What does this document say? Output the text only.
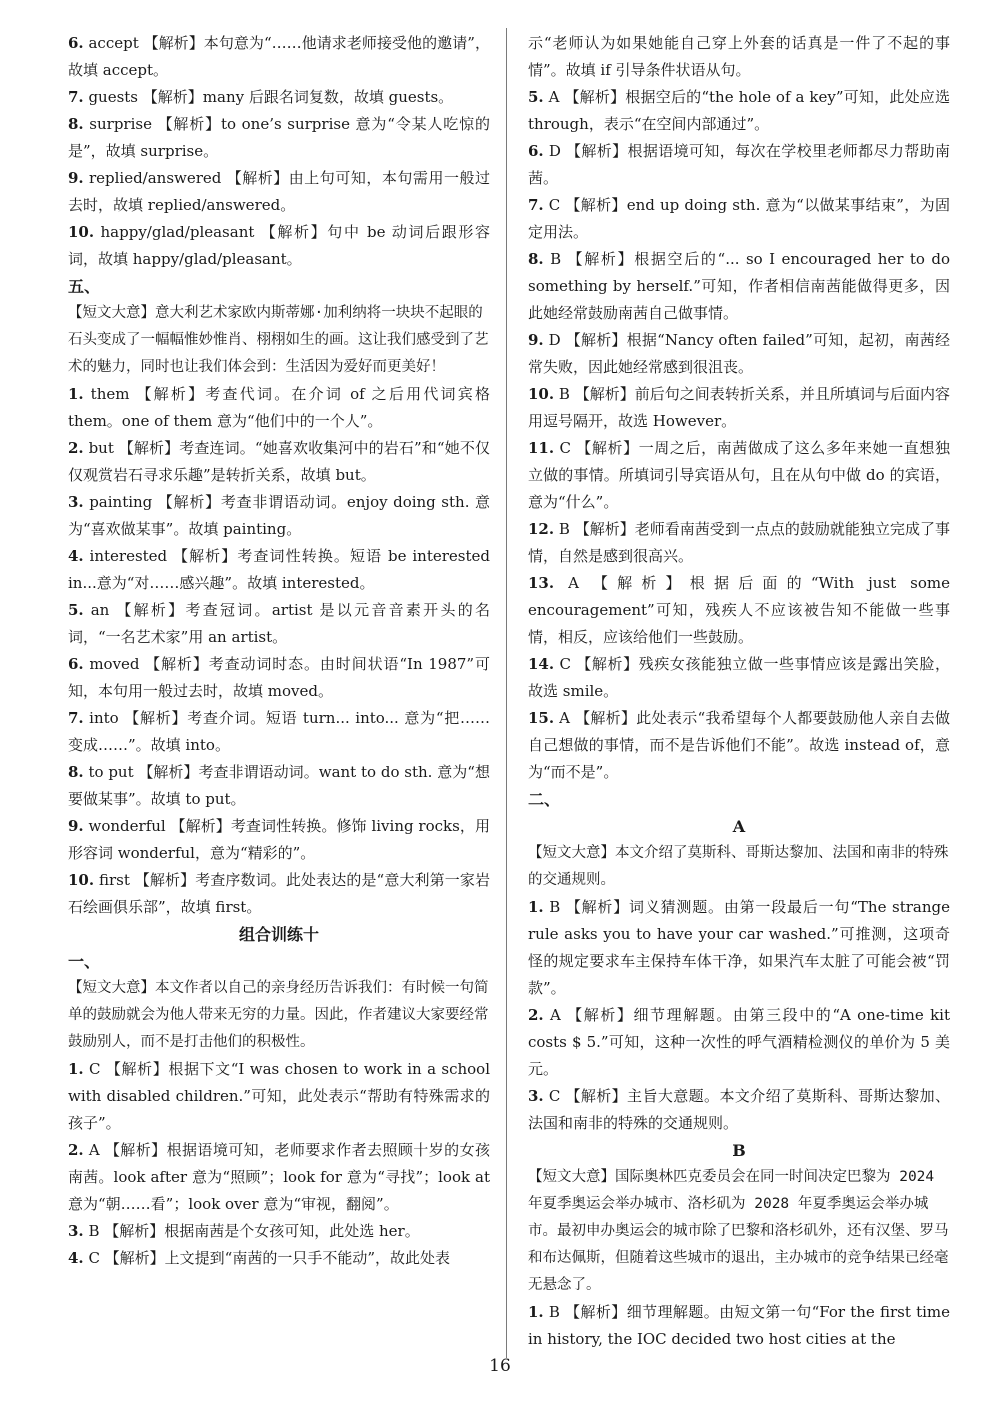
6. accept 【解析】本句意为“……他请求老师接受他的邀请”，故填 accept。

7. guests 【解析】many 后跟名词复数，故填 guests。

8. surprise 【解析】to one’s surprise 意为“令某人吃惊的是”，故填 surprise。

9. replied/answered 【解析】由上句可知，本句需用一般过去时，故填 replied/answered。

10. happy/glad/pleasant 【解析】句中 be 动词后跟形容词，故填 happy/glad/pleasant。

五、

【短文大意】意大利艺术家欧内斯蒂娜·加利纳将一块块不起眼的石头变成了一幅幅惟妙惟肖、栩栩如生的画。这让我们感受到了艺术的魅力，同时也让我们体会到：生活因为爱好而更美好！

1. them 【解析】考查代词。在介词 of 之后用代词宾格 them。one of them 意为“他们中的一个人”。

2. but 【解析】考查连词。“她喜欢收集河中的岩石”和“她不仅仅观赏岩石寻求乐趣”是转折关系，故填 but。

3. painting 【解析】考查非谓语动词。enjoy doing sth. 意为“喜欢做某事”。故填 painting。

4. interested 【解析】考查词性转换。短语 be interested in...意为“对……感兴趣”。故填 interested。

5. an 【解析】考查冠词。artist 是以元音音素开头的名词，“一名艺术家”用 an artist。

6. moved 【解析】考查动词时态。由时间状语“In 1987”可知，本句用一般过去时，故填 moved。

7. into 【解析】考查介词。短语 turn... into... 意为“把……变成……”。故填 into。

8. to put 【解析】考查非谓语动词。want to do sth. 意为“想要做某事”。故填 to put。

9. wonderful 【解析】考查词性转换。修饰 living rocks，用形容词 wonderful，意为“精彩的”。

10. first 【解析】考查序数词。此处表达的是“意大利第一家岩石绘画俱乐部”，故填 first。

组合训练十

一、

【短文大意】本文作者以自己的亲身经历告诉我们：有时候一句简单的鼓励就会为他人带来无穷的力量。因此，作者建议大家要经常鼓励别人，而不是打击他们的积极性。

1. C 【解析】根据下文“I was chosen to work in a school with disabled children.”可知，此处表示“帮助有特殊需求的孩子”。

2. A 【解析】根据语境可知，老师要求作者去照顾十岁的女孩南茜。look after 意为“照顾”；look for 意为“寻找”；look at 意为“朝……看”；look over 意为“审视，翻阅”。

3. B 【解析】根据南茜是个女孩可知，此处选 her。

4. C 【解析】上文提到“南茜的一只手不能动”，故此处表

示“老师认为如果她能自己穿上外套的话真是一件了不起的事情”。故填 if 引导条件状语从句。

5. A 【解析】根据空后的“the hole of a key”可知，此处应选 through，表示“在空间内部通过”。

6. D 【解析】根据语境可知，每次在学校里老师都尽力帮助南茜。

7. C 【解析】end up doing sth. 意为“以做某事结束”，为固定用法。

8. B 【解析】根据空后的“... so I encouraged her to do something by herself.”可知，作者相信南茜能做得更多，因此她经常鼓励南茜自己做事情。

9. D 【解析】根据“Nancy often failed”可知，起初，南茜经常失败，因此她经常感到很沮丧。

10. B 【解析】前后句之间表转折关系，并且所填词与后面内容用逗号隔开，故选 However。

11. C 【解析】一周之后，南茜做成了这么多年来她一直想独立做的事情。所填词引导宾语从句，且在从句中做 do 的宾语，意为“什么”。

12. B 【解析】老师看南茜受到一点点的鼓励就能独立完成了事情，自然是感到很高兴。

13. A 【解析】根据后面的“With just some encouragement”可知，残疾人不应该被告知不能做一些事情，相反，应该给他们一些鼓励。

14. C 【解析】残疾女孩能独立做一些事情应该是露出笑脸，故选 smile。

15. A 【解析】此处表示“我希望每个人都要鼓励他人亲自去做自己想做的事情，而不是告诉他们不能”。故选 instead of，意为“而不是”。

二、

A

【短文大意】本文介绍了莫斯科、哥斯达黎加、法国和南非的特殊的交通规则。

1. B 【解析】词义猜测题。由第一段最后一句“The strange rule asks you to have your car washed.”可推测，这项奇怪的规定要求车主保持车体干净，如果汽车太脏了可能会被“罚款”。

2. A 【解析】细节理解题。由第三段中的“A one-time kit costs $ 5.”可知，这种一次性的呼气酒精检测仪的单价为 5 美元。

3. C 【解析】主旨大意题。本文介绍了莫斯科、哥斯达黎加、法国和南非的特殊的交通规则。

B

【短文大意】国际奥林匹克委员会在同一时间决定巴黎为 2024 年夏季奥运会举办城市、洛杉矶为 2028 年夏季奥运会举办城市。最初申办奥运会的城市除了巴黎和洛杉矶外，还有汉堡、罗马和布达佩斯，但随着这些城市的退出，主办城市的竞争结果已经毫无悬念了。

1. B 【解析】细节理解题。由短文第一句“For the first time in history, the IOC decided two host cities at the

16
